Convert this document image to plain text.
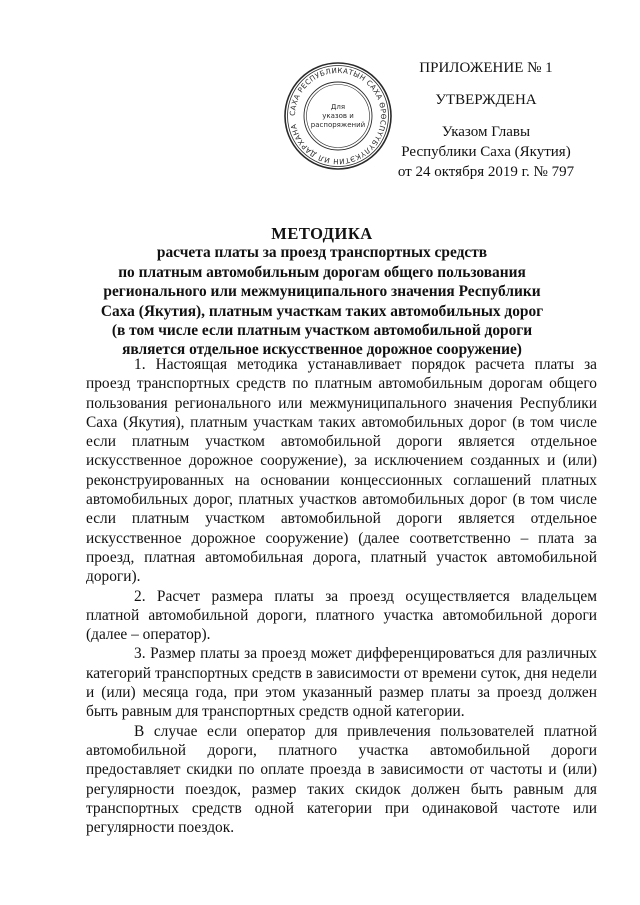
САХА РЕСПУБЛИКАТЫН САХА ӨРӨСПҮҮБҮЛҮКЭТИН ИЛ ДАРХАНА
Для
указов и
распоряжений
ПРИЛОЖЕНИЕ № 1
УТВЕРЖДЕНА
Указом Главы
Республики Саха (Якутия)
от 24 октября 2019 г. № 797
МЕТОДИКА
расчета платы за проезд транспортных средств
по платным автомобильным дорогам общего пользования
регионального или межмуниципального значения Республики
Саха (Якутия), платным участкам таких автомобильных дорог
(в том числе если платным участком автомобильной дороги
является отдельное искусственное дорожное сооружение)

1. Настоящая методика устанавливает порядок расчета платы за проезд транспортных средств по платным автомобильным дорогам общего пользования регионального или межмуниципального значения Республики Саха (Якутия), платным участкам таких автомобильных дорог (в том числе если платным участком автомобильной дороги является отдельное искусственное дорожное сооружение), за исключением созданных и (или) реконструированных на основании концессионных соглашений платных автомобильных дорог, платных участков автомобильных дорог (в том числе если платным участком автомобильной дороги является отдельное искусственное дорожное сооружение) (далее соответственно – плата за проезд, платная автомобильная дорога, платный участок автомобильной дороги).

2. Расчет размера платы за проезд осуществляется владельцем платной автомобильной дороги, платного участка автомобильной дороги (далее – оператор).

3. Размер платы за проезд может дифференцироваться для различных категорий транспортных средств в зависимости от времени суток, дня недели и (или) месяца года, при этом указанный размер платы за проезд должен быть равным для транспортных средств одной категории.

В случае если оператор для привлечения пользователей платной автомобильной дороги, платного участка автомобильной дороги предоставляет скидки по оплате проезда в зависимости от частоты и (или) регулярности поездок, размер таких скидок должен быть равным для транспортных средств одной категории при одинаковой частоте или регулярности поездок.
